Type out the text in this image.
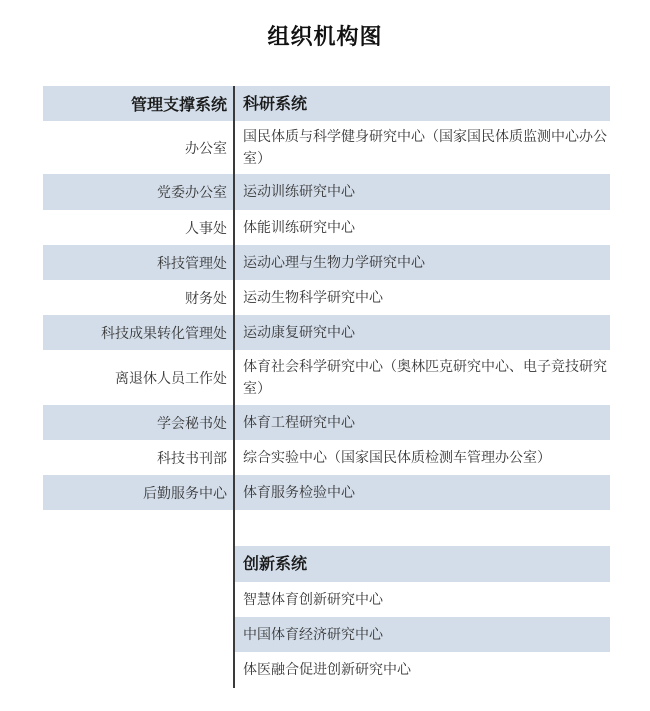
组织机构图
管理支撑系统
办公室
党委办公室
人事处
科技管理处
财务处
科技成果转化管理处
离退休人员工作处
学会秘书处
科技书刊部
后勤服务中心
科研系统
国民体质与科学健身研究中心（国家国民体质监测中心办公室）
运动训练研究中心
体能训练研究中心
运动心理与生物力学研究中心
运动生物科学研究中心
运动康复研究中心
体育社会科学研究中心（奥林匹克研究中心、电子竞技研究室）
体育工程研究中心
综合实验中心（国家国民体质检测车管理办公室）
体育服务检验中心
创新系统
智慧体育创新研究中心
中国体育经济研究中心
体医融合促进创新研究中心
